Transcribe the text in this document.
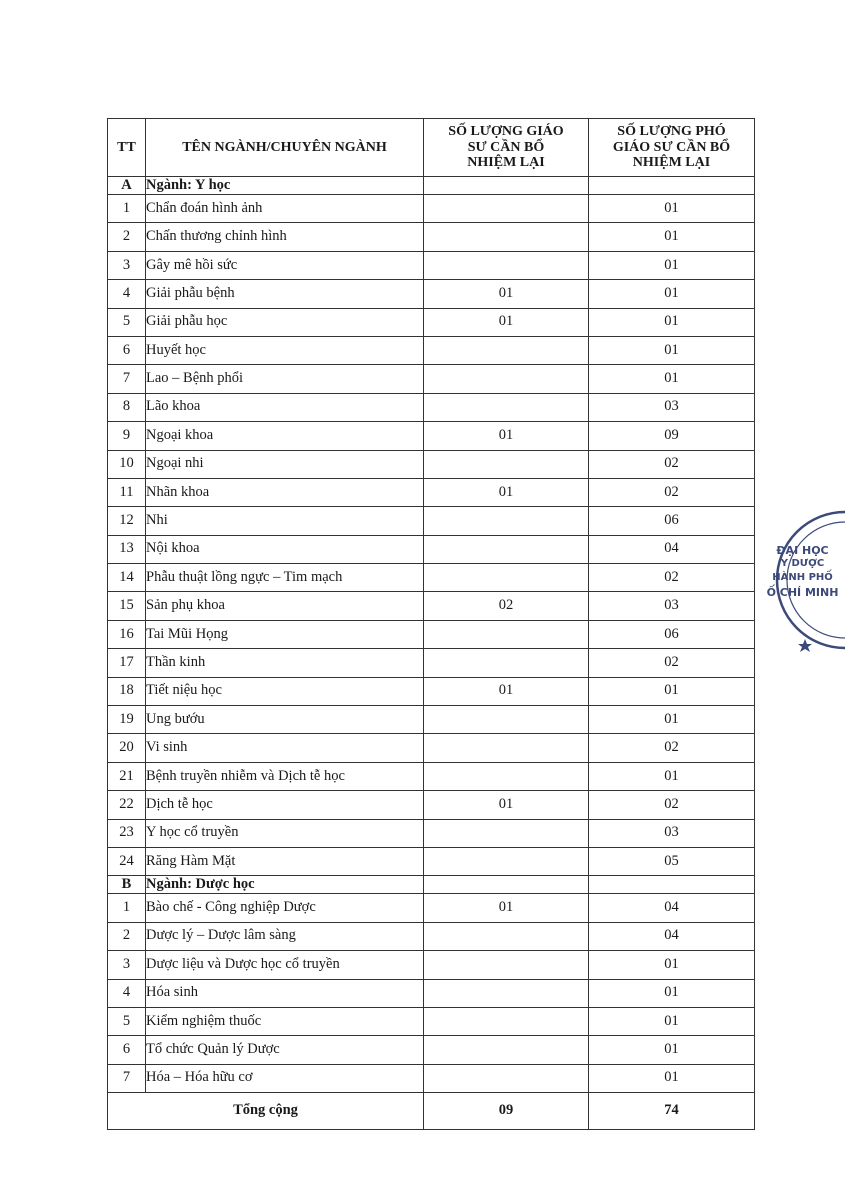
TT	TÊN NGÀNH/CHUYÊN NGÀNH	SỐ LƯỢNG GIÁO SƯ CẦN BỔ NHIỆM LẠI	SỐ LƯỢNG PHÓ GIÁO SƯ CẦN BỔ NHIỆM LẠI
A	Ngành: Y học		
1	Chẩn đoán hình ảnh		01
2	Chấn thương chỉnh hình		01
3	Gây mê hồi sức		01
4	Giải phẫu bệnh	01	01
5	Giải phẫu học	01	01
6	Huyết học		01
7	Lao – Bệnh phổi		01
8	Lão khoa		03
9	Ngoại khoa	01	09
10	Ngoại nhi		02
11	Nhãn khoa	01	02
12	Nhi		06
13	Nội khoa		04
14	Phẫu thuật lồng ngực – Tim mạch		02
15	Sản phụ khoa	02	03
16	Tai Mũi Họng		06
17	Thần kinh		02
18	Tiết niệu học	01	01
19	Ung bướu		01
20	Vi sinh		02
21	Bệnh truyền nhiễm và Dịch tễ học		01
22	Dịch tễ học	01	02
23	Y học cổ truyền		03
24	Răng Hàm Mặt		05
B	Ngành: Dược học		
1	Bào chế - Công nghiệp Dược	01	04
2	Dược lý – Dược lâm sàng		04
3	Dược liệu và Dược học cổ truyền		01
4	Hóa sinh		01
5	Kiểm nghiệm thuốc		01
6	Tổ chức Quản lý Dược		01
7	Hóa – Hóa hữu cơ		01
Tổng cộng		09	74
ĐẠI HỌC
Y DƯỢC
HÀNH PHỐ
Ố CHÍ MINH
